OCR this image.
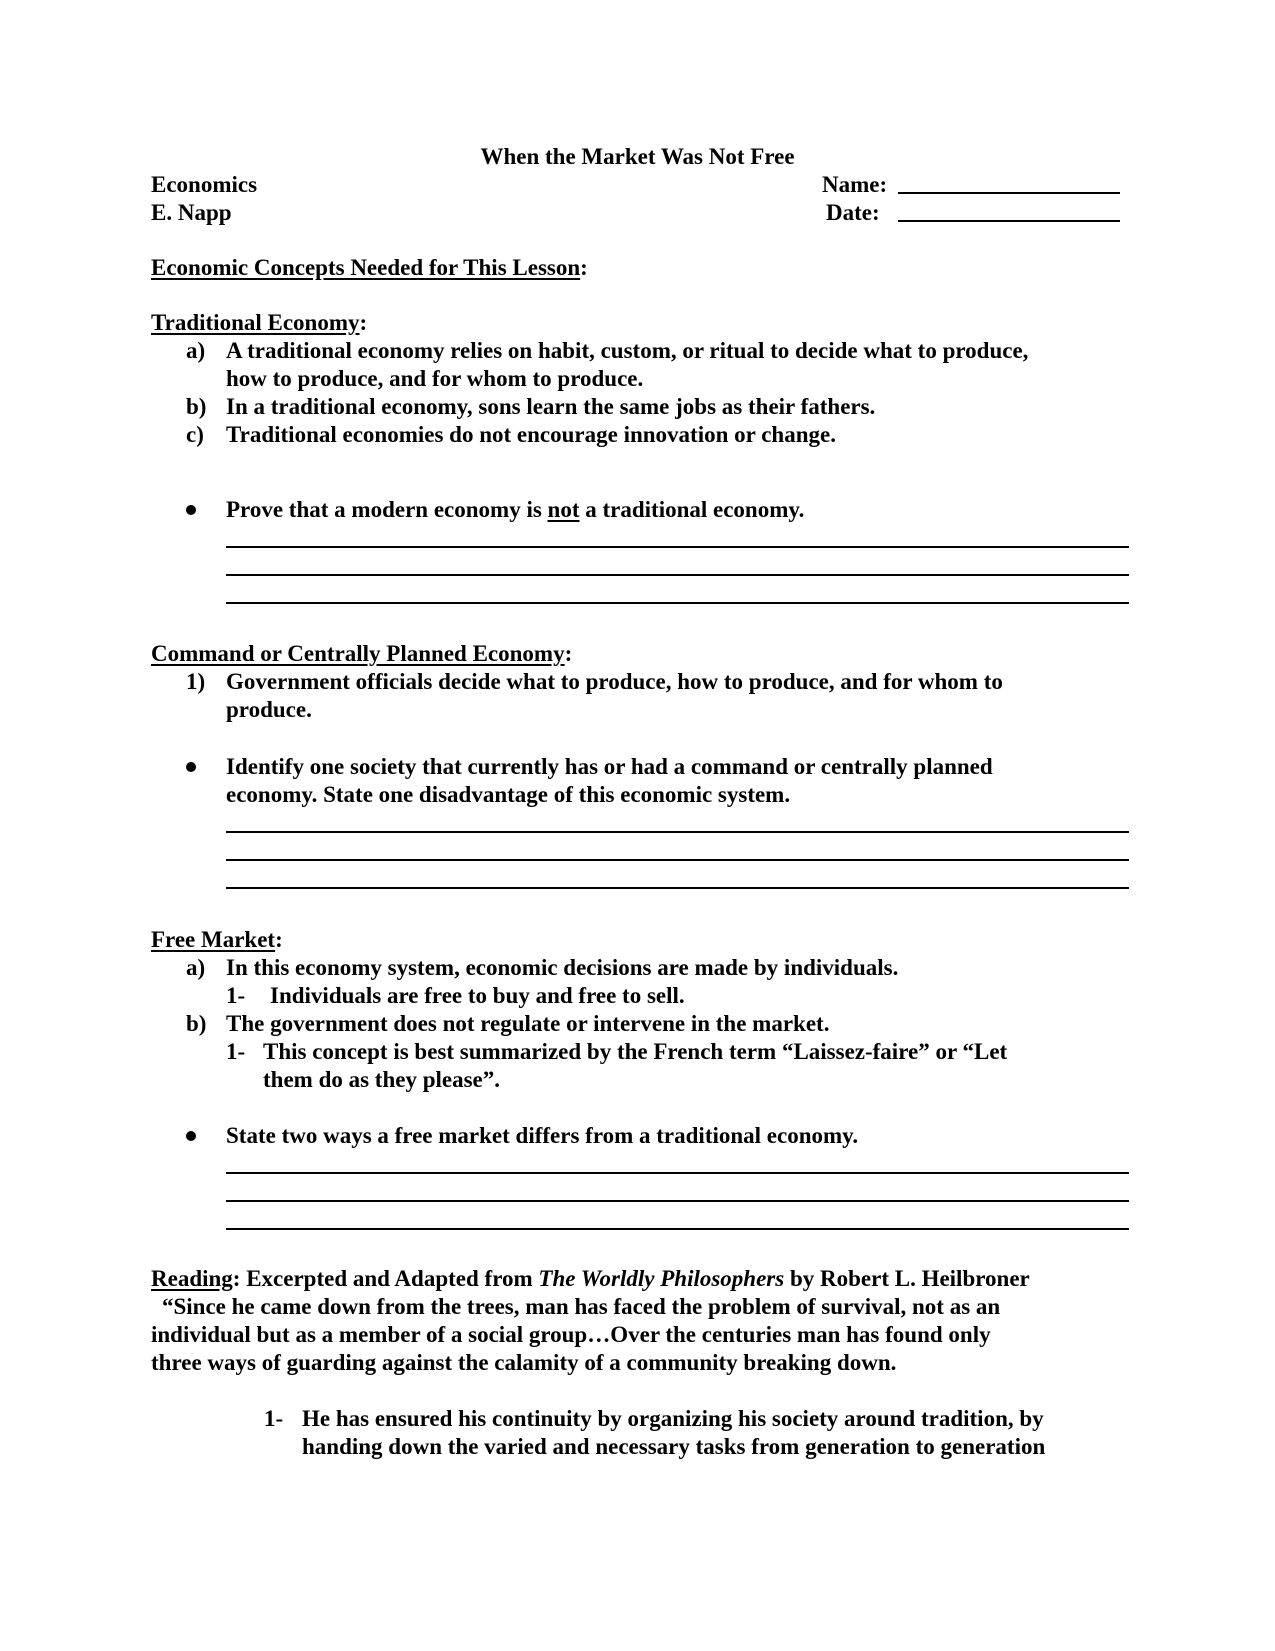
When the Market Was Not Free
Economics
E. Napp
Name:
Date:
Economic Concepts Needed for This Lesson:
Traditional Economy:
a) A traditional economy relies on habit, custom, or ritual to decide what to produce,
how to produce, and for whom to produce.
b) In a traditional economy, sons learn the same jobs as their fathers.
c) Traditional economies do not encourage innovation or change.
Prove that a modern economy is not a traditional economy.
Command or Centrally Planned Economy:
1) Government officials decide what to produce, how to produce, and for whom to
produce.
Identify one society that currently has or had a command or centrally planned
economy. State one disadvantage of this economic system.
Free Market:
a) In this economy system, economic decisions are made by individuals.
1- Individuals are free to buy and free to sell.
b) The government does not regulate or intervene in the market.
1- This concept is best summarized by the French term “Laissez-faire” or “Let
them do as they please”.
State two ways a free market differs from a traditional economy.
Reading: Excerpted and Adapted from The Worldly Philosophers by Robert L. Heilbroner
“Since he came down from the trees, man has faced the problem of survival, not as an
individual but as a member of a social group…Over the centuries man has found only
three ways of guarding against the calamity of a community breaking down.
1- He has ensured his continuity by organizing his society around tradition, by
handing down the varied and necessary tasks from generation to generation
